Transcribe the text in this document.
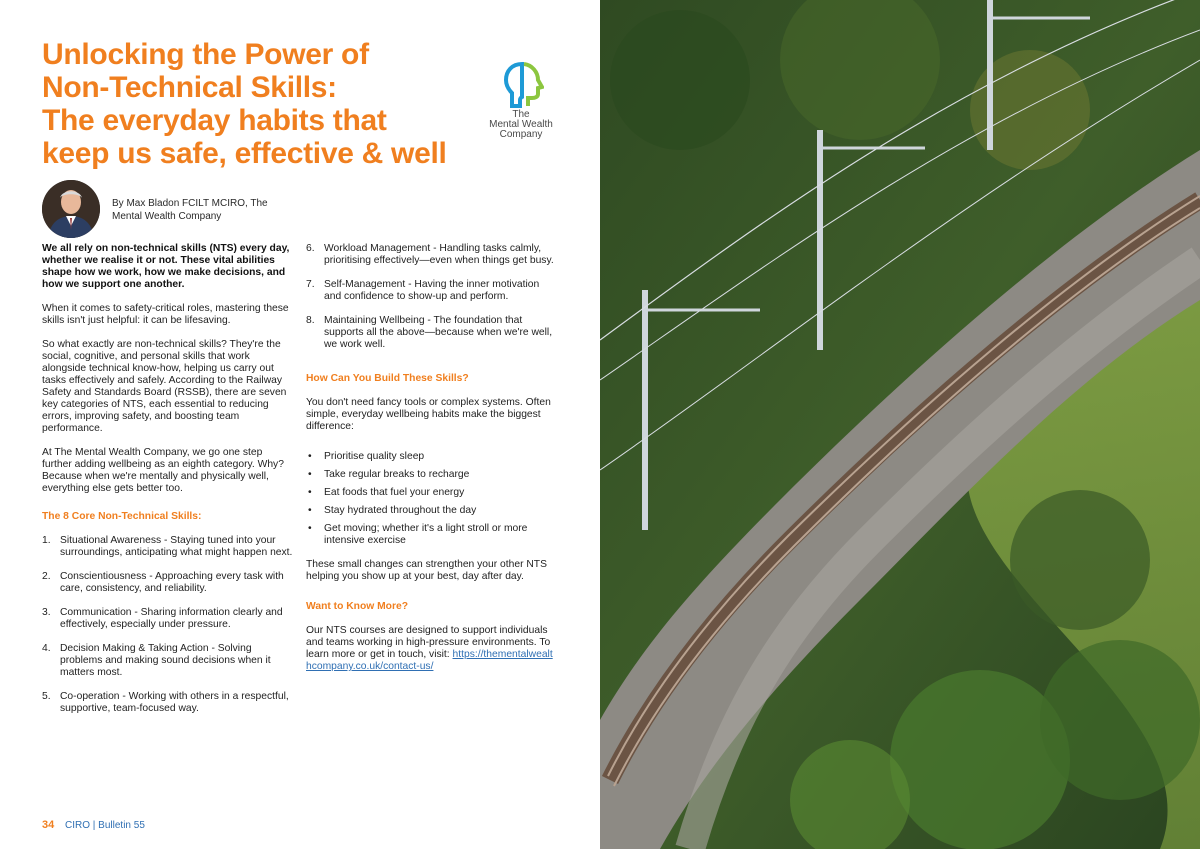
Unlocking the Power of
Non-Technical Skills:
The everyday habits that
keep us safe, effective & well
The
Mental Wealth
Company
By Max Bladon FCILT MCIRO, The Mental Wealth Company

We all rely on non-technical skills (NTS) every day, whether we realise it or not. These vital abilities shape how we work, how we make decisions, and how we support one another.

When it comes to safety-critical roles, mastering these skills isn't just helpful: it can be lifesaving.

So what exactly are non-technical skills? They're the social, cognitive, and personal skills that work alongside technical know-how, helping us carry out tasks effectively and safely. According to the Railway Safety and Standards Board (RSSB), there are seven key categories of NTS, each essential to reducing errors, improving safety, and boosting team performance.

At The Mental Wealth Company, we go one step further adding wellbeing as an eighth category. Why? Because when we're mentally and physically well, everything else gets better too.

The 8 Core Non-Technical Skills:

1. Situational Awareness - Staying tuned into your surroundings, anticipating what might happen next.
2. Conscientiousness - Approaching every task with care, consistency, and reliability.
3. Communication - Sharing information clearly and effectively, especially under pressure.
4. Decision Making & Taking Action - Solving problems and making sound decisions when it matters most.
5. Co-operation - Working with others in a respectful, supportive, team-focused way.
6. Workload Management - Handling tasks calmly, prioritising effectively—even when things get busy.
7. Self-Management - Having the inner motivation and confidence to show-up and perform.
8. Maintaining Wellbeing - The foundation that supports all the above—because when we're well, we work well.

How Can You Build These Skills?

You don't need fancy tools or complex systems. Often simple, everyday wellbeing habits make the biggest difference:

• Prioritise quality sleep
• Take regular breaks to recharge
• Eat foods that fuel your energy
• Stay hydrated throughout the day
• Get moving; whether it's a light stroll or more intensive exercise

These small changes can strengthen your other NTS helping you show up at your best, day after day.

Want to Know More?

Our NTS courses are designed to support individuals and teams working in high-pressure environments. To learn more or get in touch, visit: https://thementalwealthcompany.co.uk/contact-us/

34 CIRO | Bulletin 55
